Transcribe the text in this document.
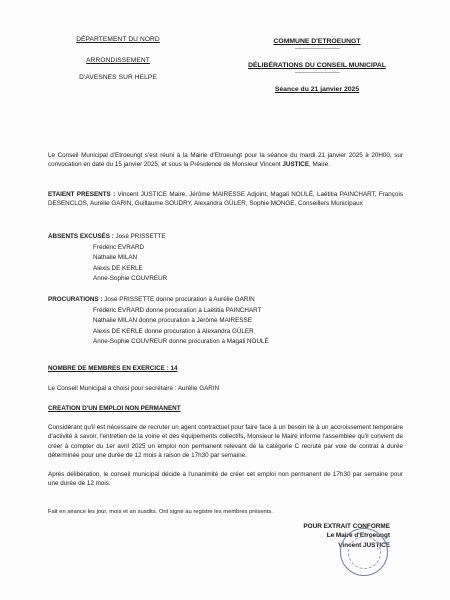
DÉPARTEMENT DU NORD
ARRONDISSEMENT
D'AVESNES SUR HELPE
COMMUNE D'ETROEUNGT
---------------------------------
DÉLIBÉRATIONS DU CONSEIL MUNICIPAL
---------------------------------
Séance du 21 janvier 2025
Le Conseil Municipal d'Etroeungt s'est réuni à la Mairie d'Etroeungt pour la séance du mardi 21 janvier 2025 à 20H00, sur convocation en date du 15 janvier 2025, et sous la Présidence de Monsieur Vincent JUSTICE, Maire.
ETAIENT PRESENTS : Vincent JUSTICE Maire, Jérôme MAIRESSE Adjoint, Magali NOULÉ, Laëtitia PAINCHART, François DESENCLOS, Aurélie GARIN, Guillaume SOUDRY, Alexandra GÜLER, Sophie MONGE, Conseillers Municipaux
ABSENTS EXCUSÉS : José PRISSETTE
Frédéric EVRARD
Nathalie MILAN
Alexis DE KERLE
Anne-Sophie COUVREUR
PROCURATIONS : José PRISSETTE donne procuration à Aurélie GARIN
Frédéric EVRARD donne procuration à Laëtitia PAINCHART
Nathalie MILAN donne procuration à Jérôme MAIRESSE
Alexis DE KERLE donne procuration à Alexandra GÜLER
Anne-Sophie COUVREUR donne procuration à Magali NOULÉ
NOMBRE DE MEMBRES EN EXERCICE : 14
Le Conseil Municipal a choisi pour secrétaire : Aurélie GARIN
CREATION D'UN EMPLOI NON PERMANENT
Considérant qu'il est nécessaire de recruter un agent contractuel pour faire face à un besoin lié à un accroissement temporaire d'activité à savoir, l'entretien de la voirie et des équipements collectifs, Monsieur le Maire informe l'assemblée qu'il convient de créer à compter du 1er avril 2025 un emploi non permanent relevant de la catégorie C recruté par voie de contrat à durée déterminée pour une durée de 12 mois à raison de 17h30 par semaine.
Après délibération, le conseil municipal décide à l'unanimité de créer cet emploi non permanent de 17h30 par semaine pour une durée de 12 mois.
Fait en séance les jour, mois et an susdits. Ont signé au registre les membres présents.
POUR EXTRAIT CONFORME
Le Maire d'Etroeungt
Vincent JUSTICE
